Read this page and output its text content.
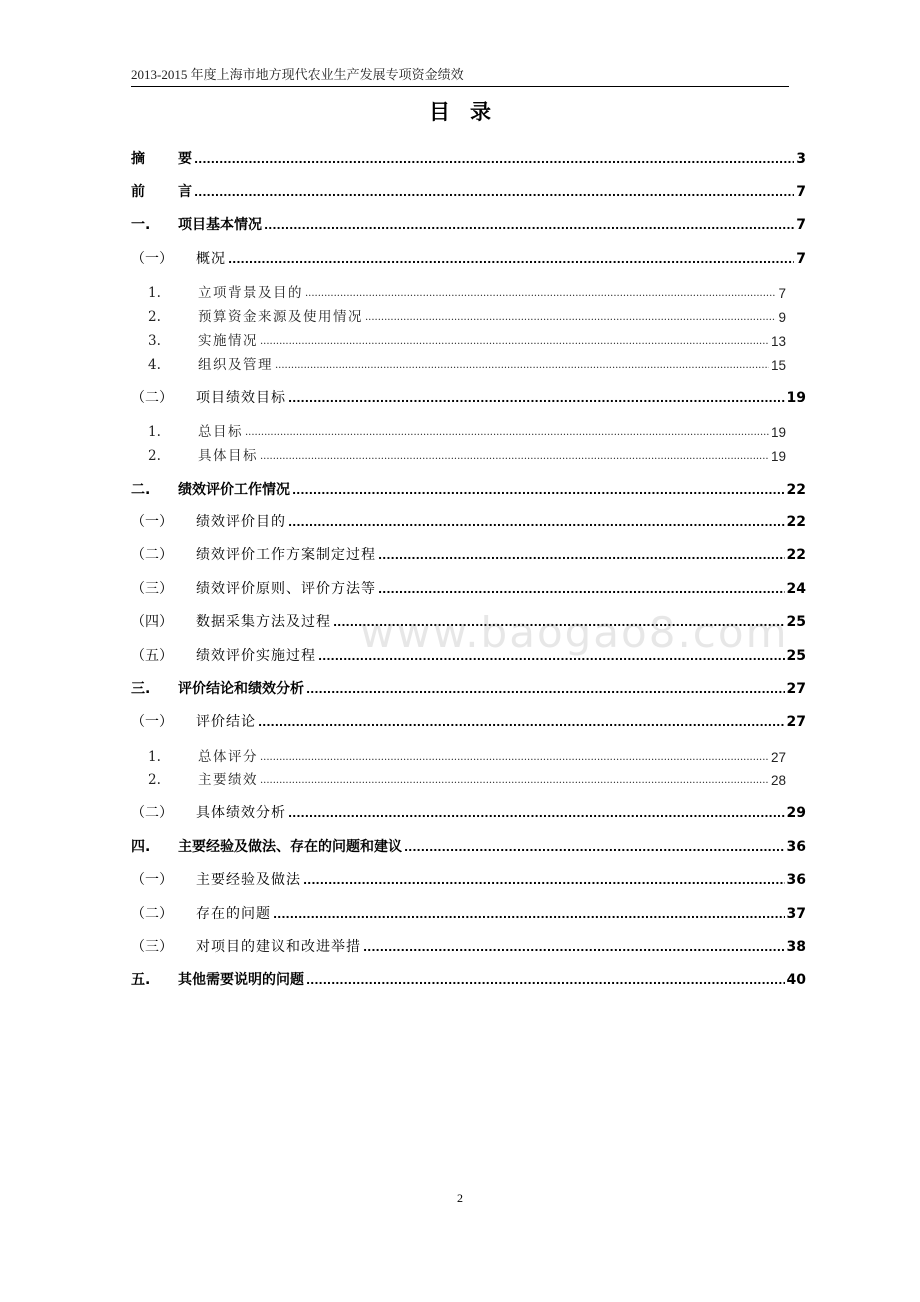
2013-2015 年度上海市地方现代农业生产发展专项资金绩效
目录
摘	要 .....	3
前	言 .....	7
一.	项目基本情况 .....	7
（一）	概况 .....	7
1.	立项背景及目的 .....	7
2.	预算资金来源及使用情况 .....	9
3.	实施情况 .....	13
4.	组织及管理 .....	15
（二）	项目绩效目标 .....	19
1.	总目标 .....	19
2.	具体目标 .....	19
二.	绩效评价工作情况 .....	22
（一）	绩效评价目的 .....	22
（二）	绩效评价工作方案制定过程 .....	22
（三）	绩效评价原则、评价方法等 .....	24
（四）	数据采集方法及过程 .....	25
（五）	绩效评价实施过程 .....	25
三.	评价结论和绩效分析 .....	27
（一）	评价结论 .....	27
1.	总体评分 .....	27
2.	主要绩效 .....	28
（二）	具体绩效分析 .....	29
四.	主要经验及做法、存在的问题和建议 .....	36
（一）	主要经验及做法 .....	36
（二）	存在的问题 .....	37
（三）	对项目的建议和改进举措 .....	38
五.	其他需要说明的问题 .....	40
www.baogao8.com
2
